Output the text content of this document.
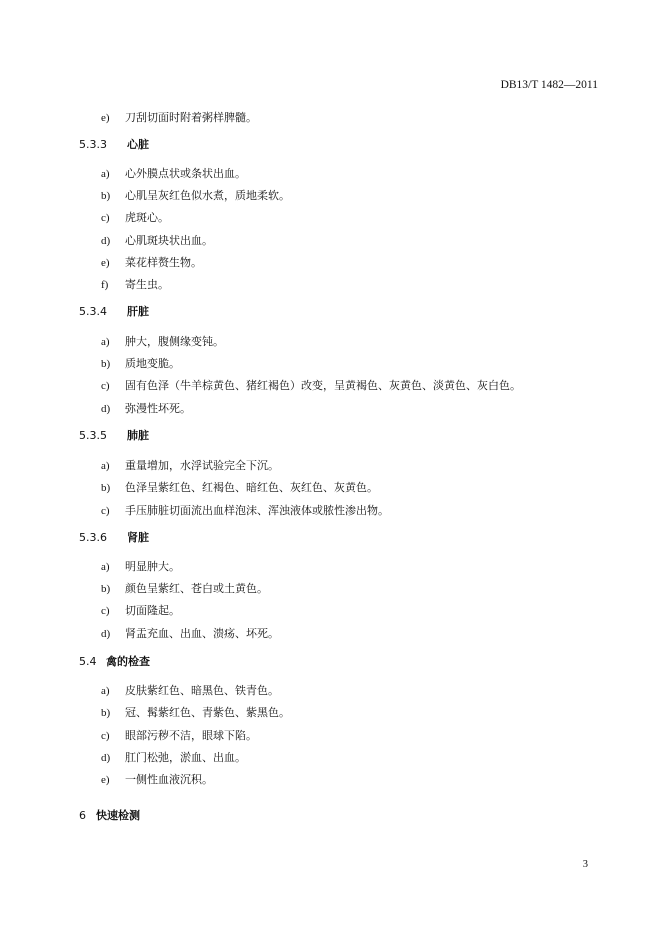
DB13/T 1482—2011
e) 刀刮切面时附着粥样脾髓。
5.3.3 心脏
a) 心外膜点状或条状出血。
b) 心肌呈灰红色似水煮，质地柔软。
c) 虎斑心。
d) 心肌斑块状出血。
e) 菜花样赘生物。
f) 寄生虫。
5.3.4 肝脏
a) 肿大，腹侧缘变钝。
b) 质地变脆。
c) 固有色泽（牛羊棕黄色、猪红褐色）改变，呈黄褐色、灰黄色、淡黄色、灰白色。
d) 弥漫性坏死。
5.3.5 肺脏
a) 重量增加，水浮试验完全下沉。
b) 色泽呈紫红色、红褐色、暗红色、灰红色、灰黄色。
c) 手压肺脏切面流出血样泡沫、浑浊液体或脓性渗出物。
5.3.6 肾脏
a) 明显肿大。
b) 颜色呈紫红、苍白或土黄色。
c) 切面隆起。
d) 肾盂充血、出血、溃疡、坏死。
5.4 禽的检查
a) 皮肤紫红色、暗黑色、铁青色。
b) 冠、髯紫红色、青紫色、紫黑色。
c) 眼部污秽不洁，眼球下陷。
d) 肛门松弛，淤血、出血。
e) 一侧性血液沉积。
6 快速检测
3
